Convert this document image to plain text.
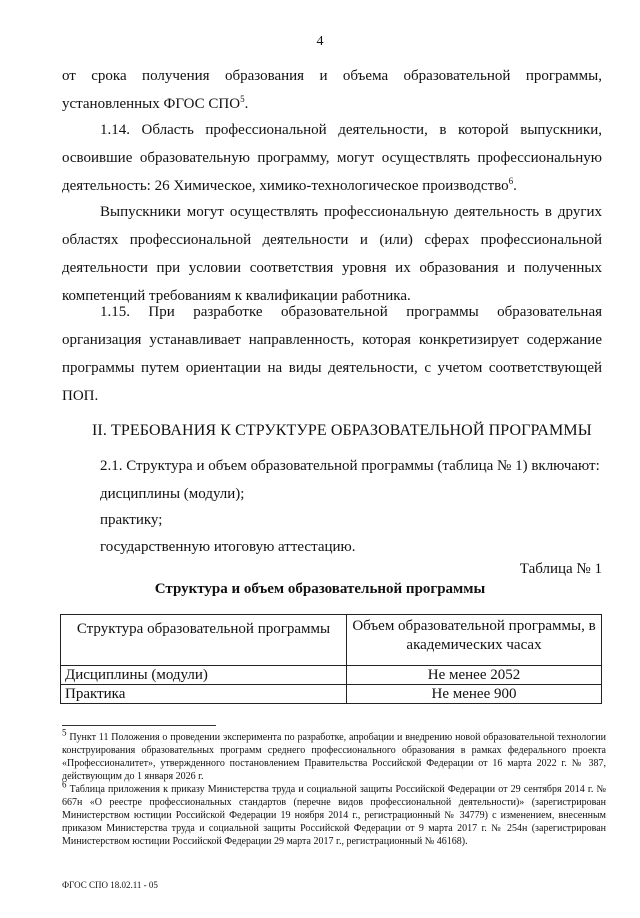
4
от срока получения образования и объема образовательной программы,
установленных ФГОС СПО$^5$.
1.14. Область профессиональной деятельности, в которой выпускники, освоившие образовательную программу, могут осуществлять профессиональную деятельность: 26 Химическое, химико-технологическое производство$^6$.
Выпускники могут осуществлять профессиональную деятельность в других областях профессиональной деятельности и (или) сферах профессиональной деятельности при условии соответствия уровня их образования и полученных компетенций требованиям к квалификации работника.
1.15. При разработке образовательной программы образовательная организация устанавливает направленность, которая конкретизирует содержание программы путем ориентации на виды деятельности, с учетом соответствующей ПОП.
II. ТРЕБОВАНИЯ К СТРУКТУРЕ ОБРАЗОВАТЕЛЬНОЙ ПРОГРАММЫ
2.1. Структура и объем образовательной программы (таблица № 1) включают:
дисциплины (модули);
практику;
государственную итоговую аттестацию.
Таблица № 1
Структура и объем образовательной программы
Структура образовательной программы	Объем образовательной программы, в академических часах
Дисциплины (модули)	Не менее 2052
Практика	Не менее 900
$^5$ Пункт 11 Положения о проведении эксперимента по разработке, апробации и внедрению новой образовательной технологии конструирования образовательных программ среднего профессионального образования в рамках федерального проекта «Профессионалитет», утвержденного постановлением Правительства Российской Федерации от 16 марта 2022 г. № 387, действующим до 1 января 2026 г.
$^6$ Таблица приложения к приказу Министерства труда и социальной защиты Российской Федерации от 29 сентября 2014 г. № 667н «О реестре профессиональных стандартов (перечне видов профессиональной деятельности)» (зарегистрирован Министерством юстиции Российской Федерации 19 ноября 2014 г., регистрационный № 34779) с изменением, внесенным приказом Министерства труда и социальной защиты Российской Федерации от 9 марта 2017 г. № 254н (зарегистрирован Министерством юстиции Российской Федерации 29 марта 2017 г., регистрационный № 46168).
ФГОС СПО 18.02.11 - 05
